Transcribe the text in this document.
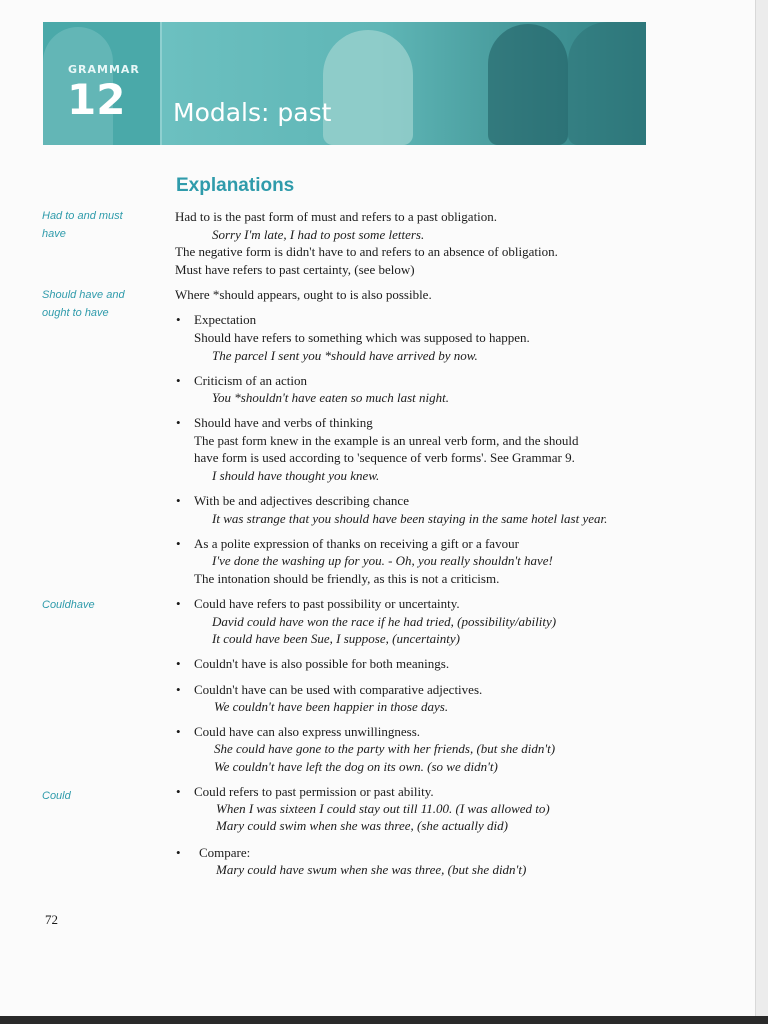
GRAMMAR
12 Modals: past
Explanations
Had to and must have
Should have and ought to have
Couldhave
Could
Had to is the past form of must and refers to a past obligation.
Sorry I'm late, I had to post some letters.
The negative form is didn't have to and refers to an absence of obligation.
Must have refers to past certainty, (see below)
Where *should appears, ought to is also possible.
• Expectation
Should have refers to something which was supposed to happen.
The parcel I sent you *should have arrived by now.
• Criticism of an action
You *shouldn't have eaten so much last night.
• Should have and verbs of thinking
The past form knew in the example is an unreal verb form, and the should
have form is used according to 'sequence of verb forms'. See Grammar 9.
I should have thought you knew.
• With be and adjectives describing chance
It was strange that you should have been staying in the same hotel last year.
• As a polite expression of thanks on receiving a gift or a favour
I've done the washing up for you. - Oh, you really shouldn't have!
The intonation should be friendly, as this is not a criticism.
• Could have refers to past possibility or uncertainty.
David could have won the race if he had tried, (possibility/ability)
It could have been Sue, I suppose, (uncertainty)
• Couldn't have is also possible for both meanings.
• Couldn't have can be used with comparative adjectives.
We couldn't have been happier in those days.
• Could have can also express unwillingness.
She could have gone to the party with her friends, (but she didn't)
We couldn't have left the dog on its own. (so we didn't)
• Could refers to past permission or past ability.
When I was sixteen I could stay out till 11.00. (I was allowed to)
Mary could swim when she was three, (she actually did)
• Compare:
Mary could have swum when she was three, (but she didn't)
72
